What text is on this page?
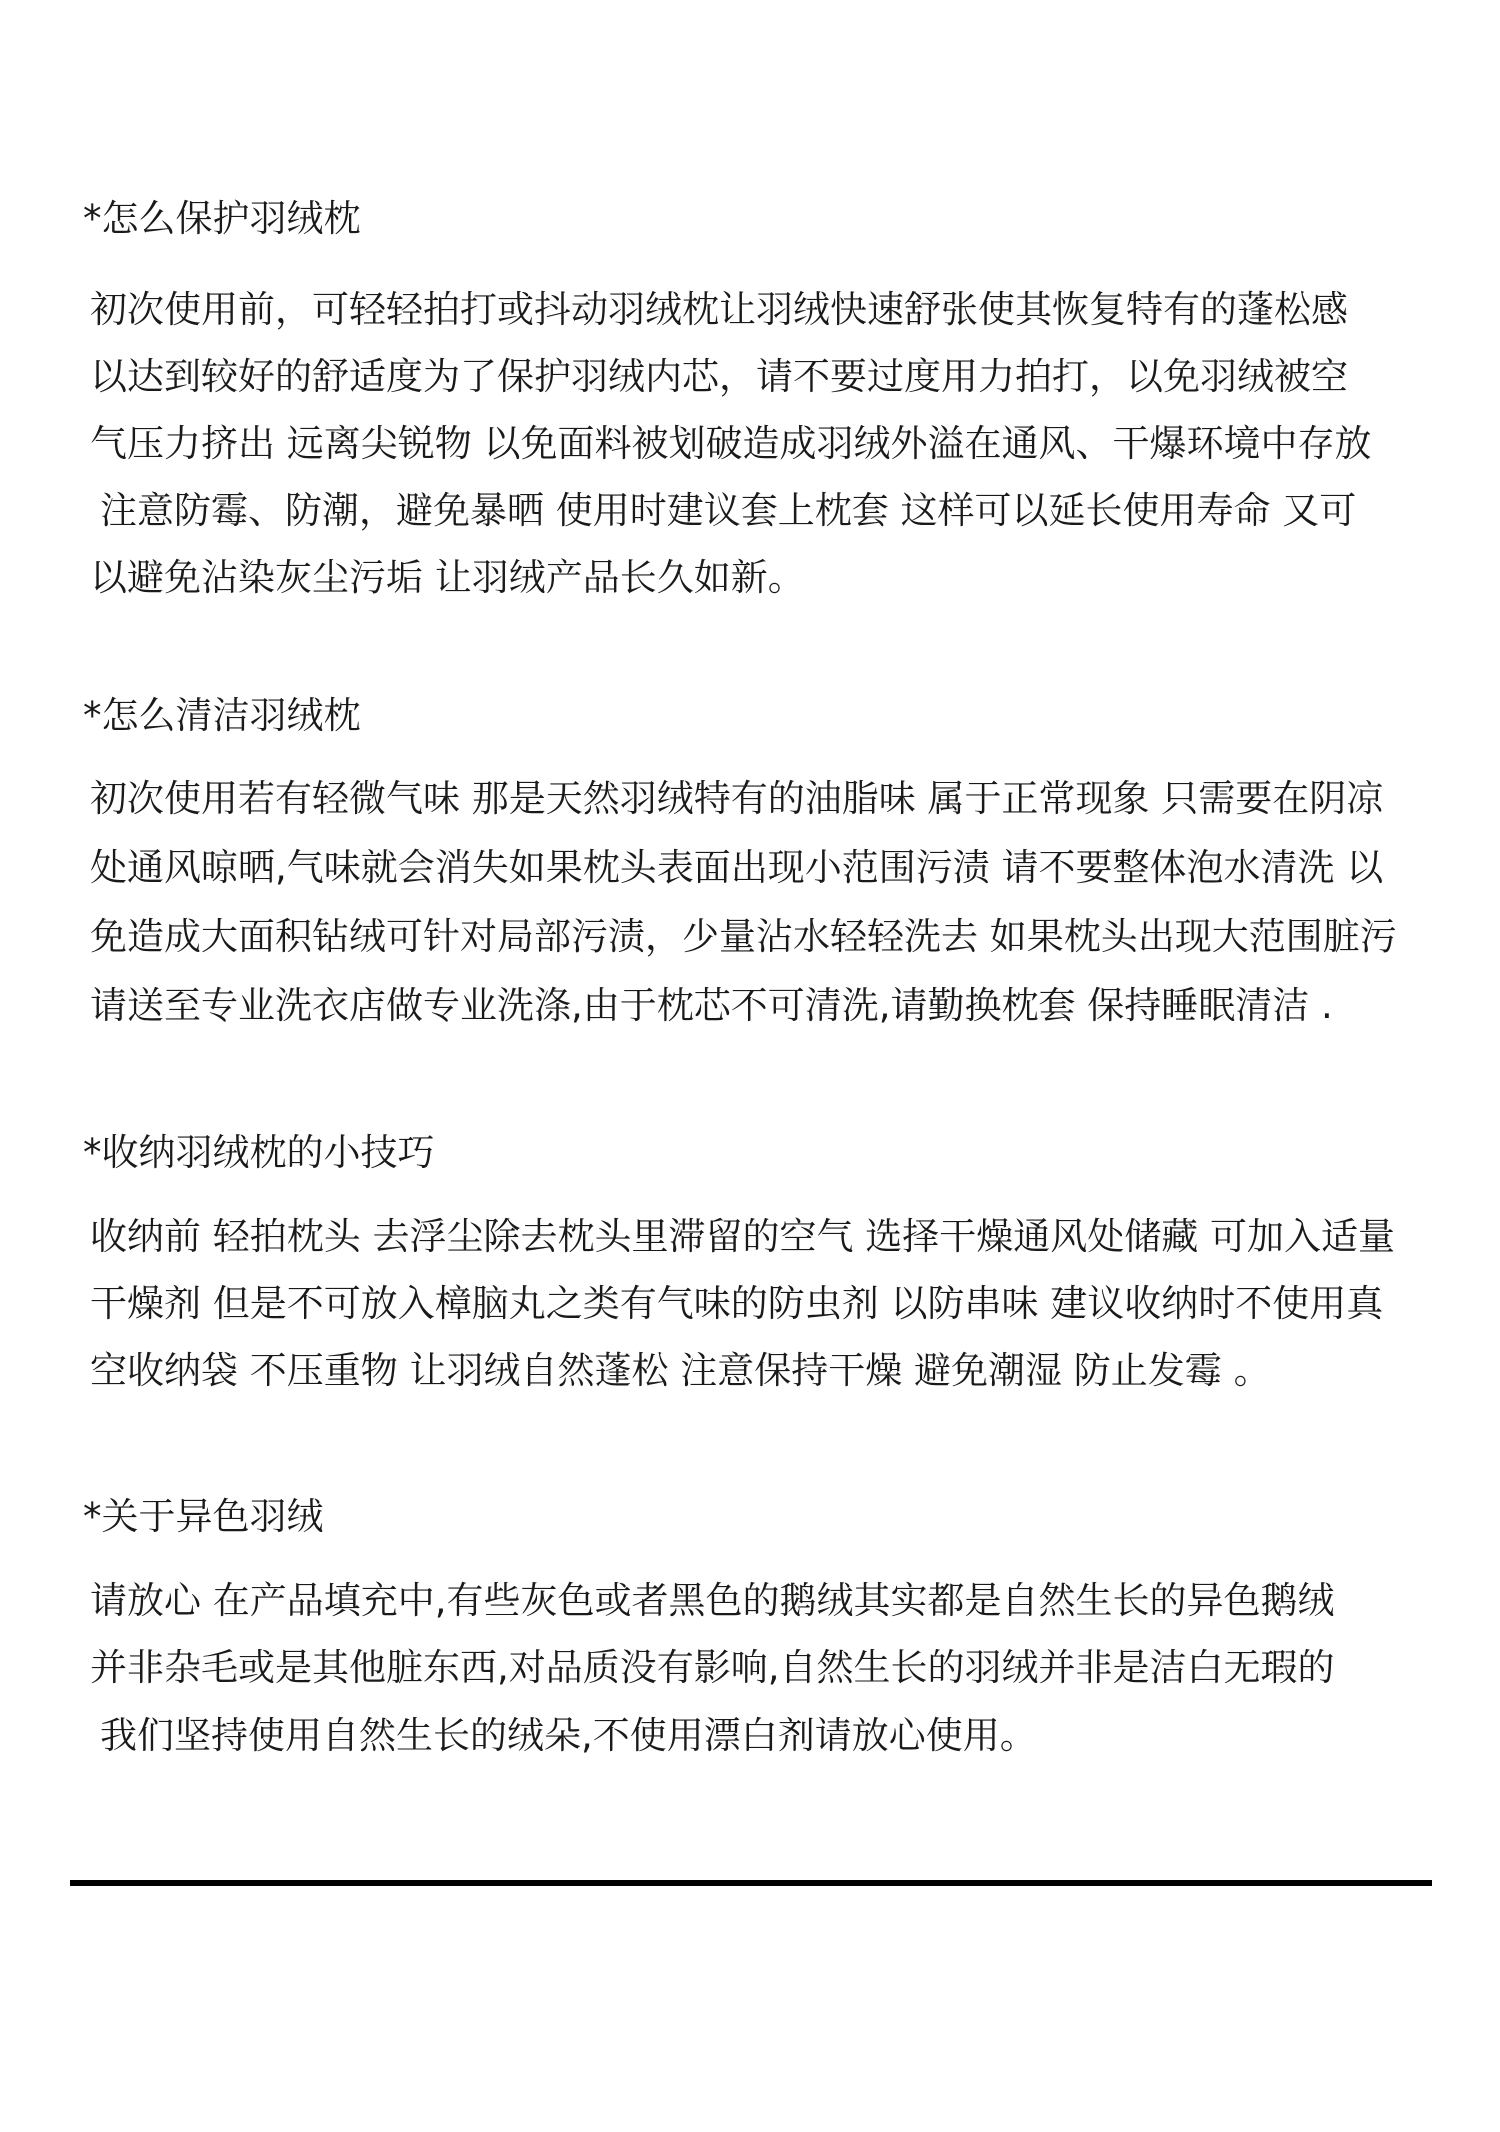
*怎么保护羽绒枕
初次使用前，可轻轻拍打或抖动羽绒枕让羽绒快速舒张使其恢复特有的蓬松感
以达到较好的舒适度为了保护羽绒内芯，请不要过度用力拍打，以免羽绒被空
气压力挤出 远离尖锐物 以免面料被划破造成羽绒外溢在通风、干爆环境中存放
注意防霉、防潮，避免暴晒 使用时建议套上枕套 这样可以延长使用寿命 又可
以避免沾染灰尘污垢 让羽绒产品长久如新。
*怎么清洁羽绒枕
初次使用若有轻微气味 那是天然羽绒特有的油脂味 属于正常现象 只需要在阴凉
处通风晾晒,气味就会消失如果枕头表面出现小范围污渍 请不要整体泡水清洗 以
免造成大面积钻绒可针对局部污渍，少量沾水轻轻洗去 如果枕头出现大范围脏污
请送至专业洗衣店做专业洗涤,由于枕芯不可清洗,请勤换枕套 保持睡眠清洁 .
*收纳羽绒枕的小技巧
收纳前 轻拍枕头 去浮尘除去枕头里滞留的空气 选择干燥通风处储藏 可加入适量
干燥剂 但是不可放入樟脑丸之类有气味的防虫剂 以防串味 建议收纳时不使用真
空收纳袋 不压重物 让羽绒自然蓬松 注意保持干燥 避免潮湿 防止发霉 。
*关于异色羽绒
请放心 在产品填充中,有些灰色或者黑色的鹅绒其实都是自然生长的异色鹅绒
并非杂毛或是其他脏东西,对品质没有影响,自然生长的羽绒并非是洁白无瑕的
我们坚持使用自然生长的绒朵,不使用漂白剂请放心使用。
